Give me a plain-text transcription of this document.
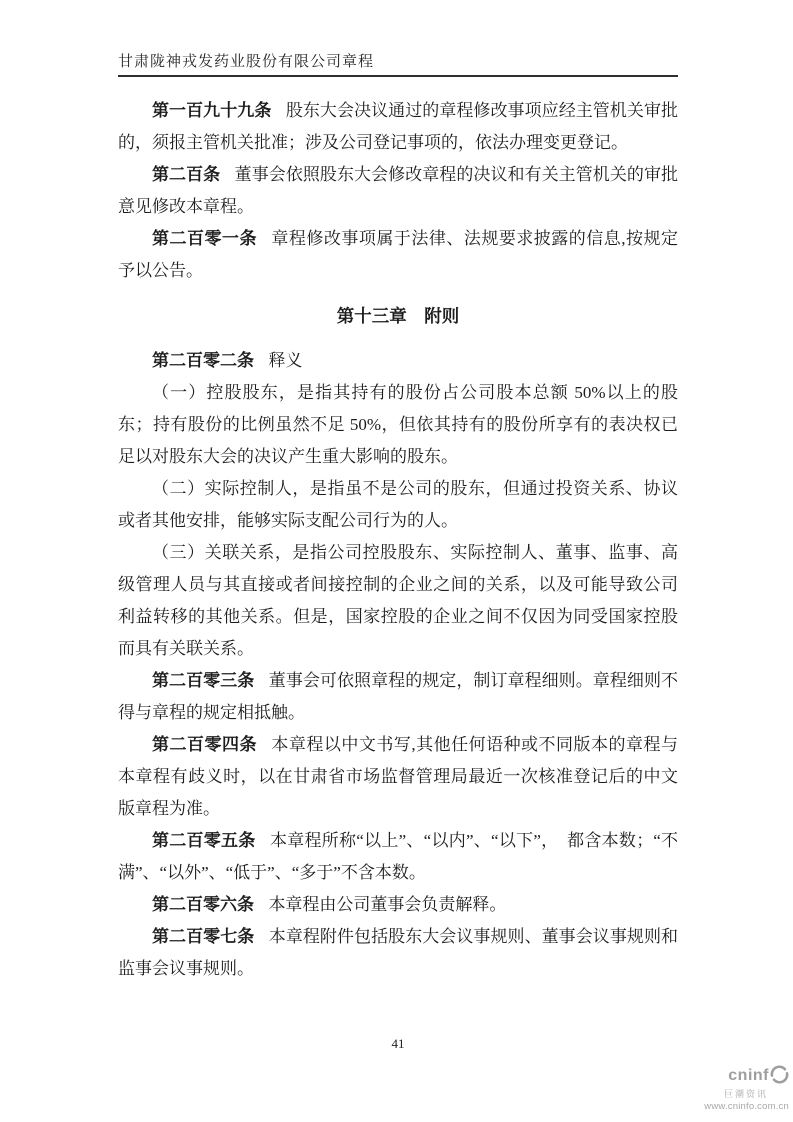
甘肃陇神戎发药业股份有限公司章程

第一百九十九条 股东大会决议通过的章程修改事项应经主管机关审批的，须报主管机关批准；涉及公司登记事项的，依法办理变更登记。

第二百条 董事会依照股东大会修改章程的决议和有关主管机关的审批意见修改本章程。

第二百零一条 章程修改事项属于法律、法规要求披露的信息,按规定予以公告。

第十三章　附则

第二百零二条 释义

（一）控股股东，是指其持有的股份占公司股本总额 50%以上的股东；持有股份的比例虽然不足 50%，但依其持有的股份所享有的表决权已足以对股东大会的决议产生重大影响的股东。

（二）实际控制人，是指虽不是公司的股东，但通过投资关系、协议或者其他安排，能够实际支配公司行为的人。

（三）关联关系，是指公司控股股东、实际控制人、董事、监事、高级管理人员与其直接或者间接控制的企业之间的关系，以及可能导致公司利益转移的其他关系。但是，国家控股的企业之间不仅因为同受国家控股而具有关联关系。

第二百零三条 董事会可依照章程的规定，制订章程细则。章程细则不得与章程的规定相抵触。

第二百零四条 本章程以中文书写,其他任何语种或不同版本的章程与本章程有歧义时，以在甘肃省市场监督管理局最近一次核准登记后的中文版章程为准。

第二百零五条 本章程所称“以上”、“以内”、“以下”，　都含本数；“不满”、“以外”、“低于”、“多于”不含本数。

第二百零六条 本章程由公司董事会负责解释。

第二百零七条 本章程附件包括股东大会议事规则、董事会议事规则和监事会议事规则。

41
cninf
巨潮资讯
www.cninfo.com.cn
